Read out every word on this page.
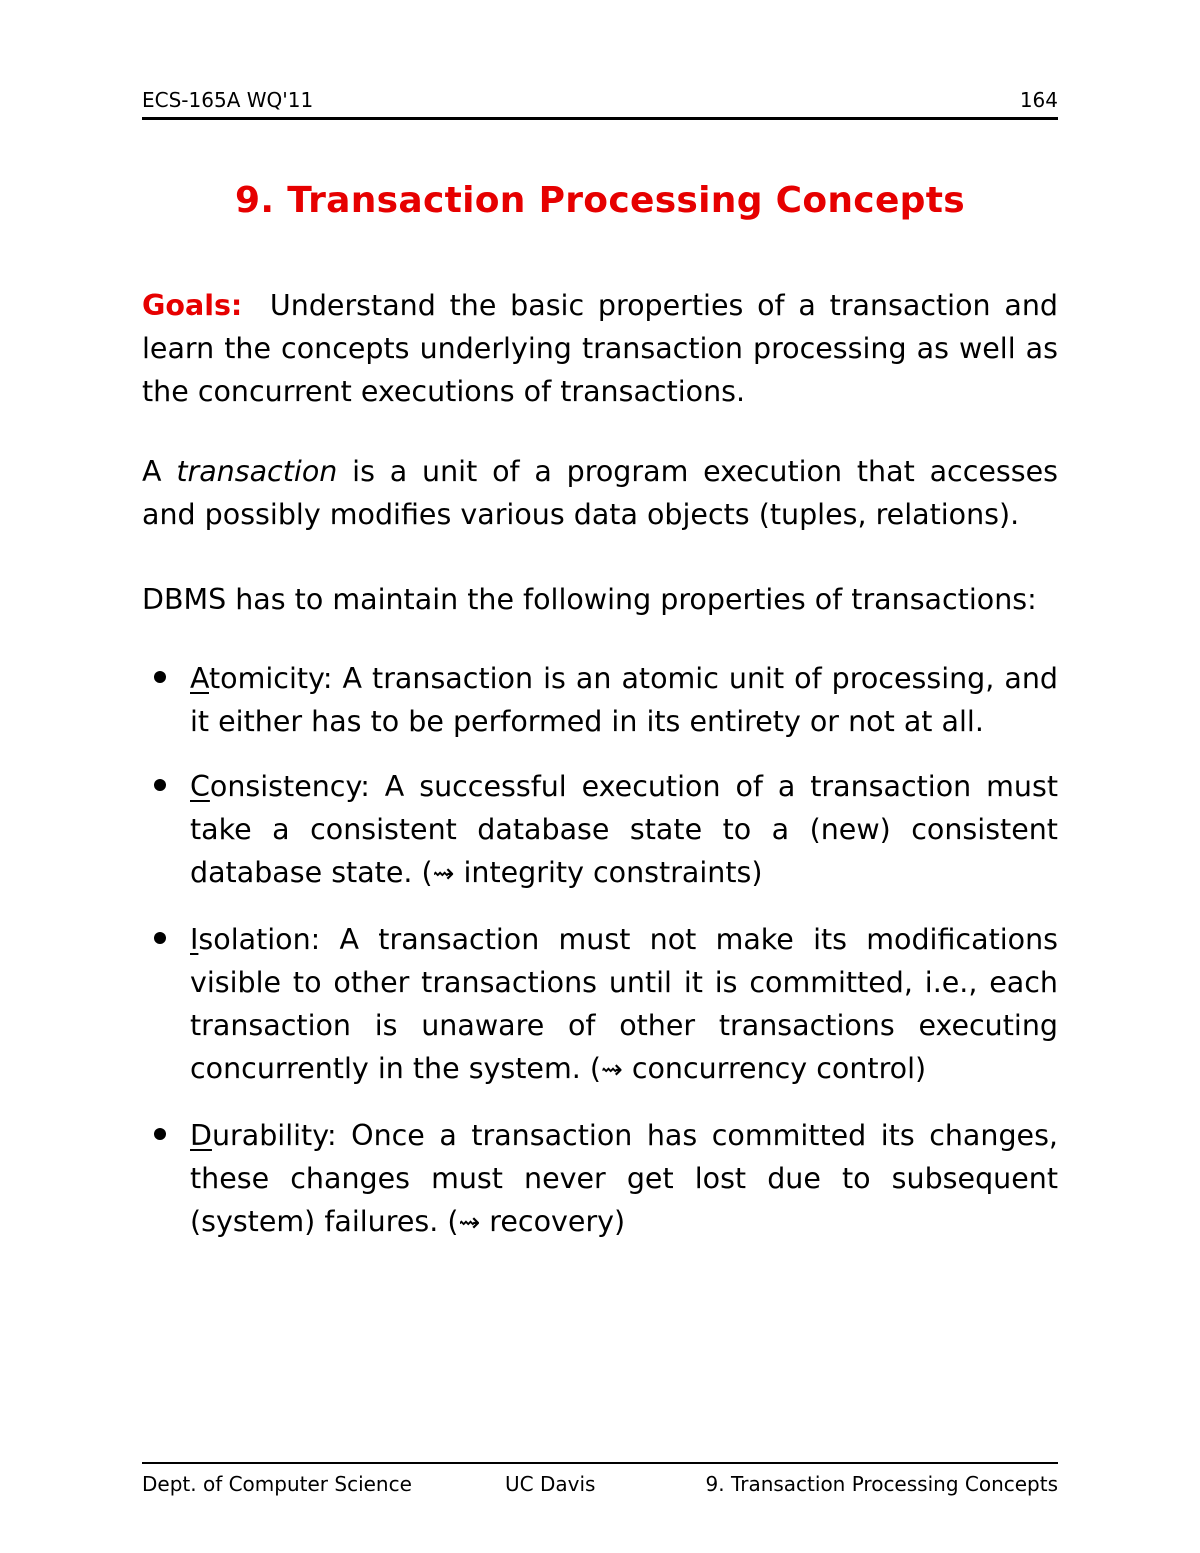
ECS-165A WQ'11	164
9. Transaction Processing Concepts
Goals: Understand the basic properties of a transaction and learn the concepts underlying transaction processing as well as the concurrent executions of transactions.
A transaction is a unit of a program execution that accesses and possibly modifies various data objects (tuples, relations).
DBMS has to maintain the following properties of transactions:
Atomicity: A transaction is an atomic unit of processing, and it either has to be performed in its entirety or not at all.
Consistency: A successful execution of a transaction must take a consistent database state to a (new) consistent database state. (⇝ integrity constraints)
Isolation: A transaction must not make its modifications visible to other transactions until it is committed, i.e., each transaction is unaware of other transactions executing concurrently in the system. (⇝ concurrency control)
Durability: Once a transaction has committed its changes, these changes must never get lost due to subsequent (system) failures. (⇝ recovery)
Dept. of Computer Science	UC Davis	9. Transaction Processing Concepts
